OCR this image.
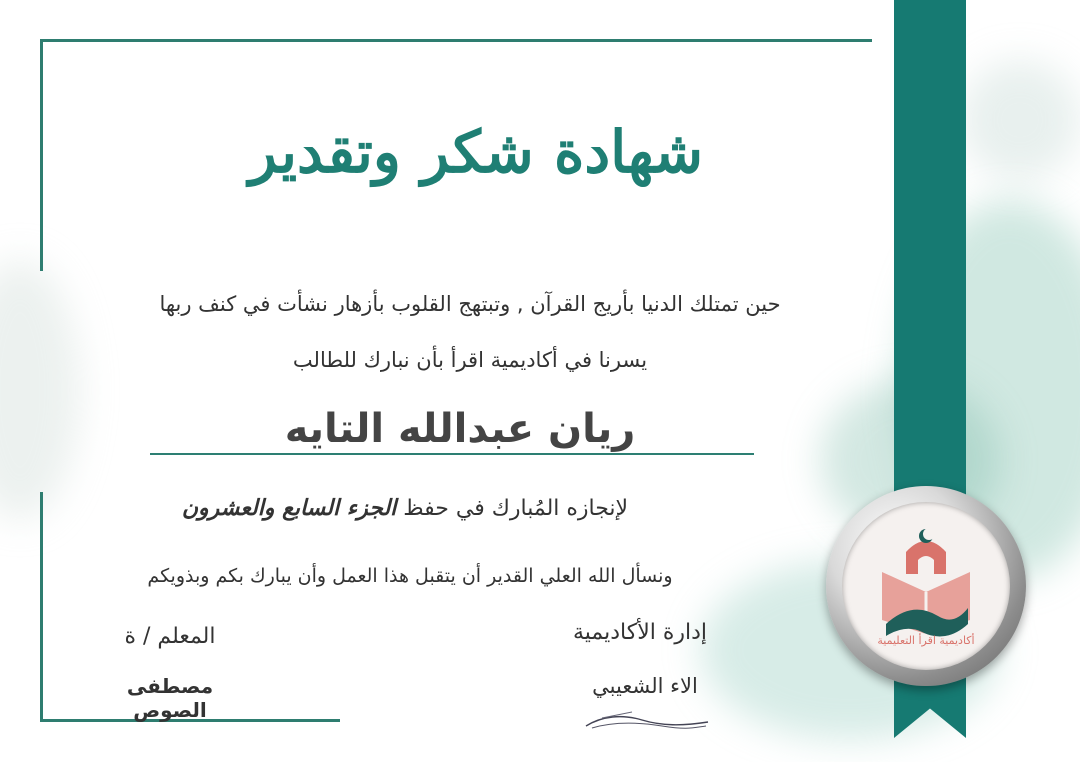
شهادة شكر وتقدير
حين تمتلك الدنيا بأريج القرآن , وتبتهج القلوب بأزهار نشأت في كنف ربها
يسرنا في أكاديمية اقرأ بأن نبارك للطالب
ريان عبدالله التايه
لإنجازه المُبارك في حفظ الجزء السابع والعشرون
ونسأل الله العلي القدير أن يتقبل هذا العمل وأن يبارك بكم وبذويكم
إدارة الأكاديمية
الاء الشعيبي
المعلم / ة
مصطفى الصوص
أكاديمية اقرأ التعليمية
